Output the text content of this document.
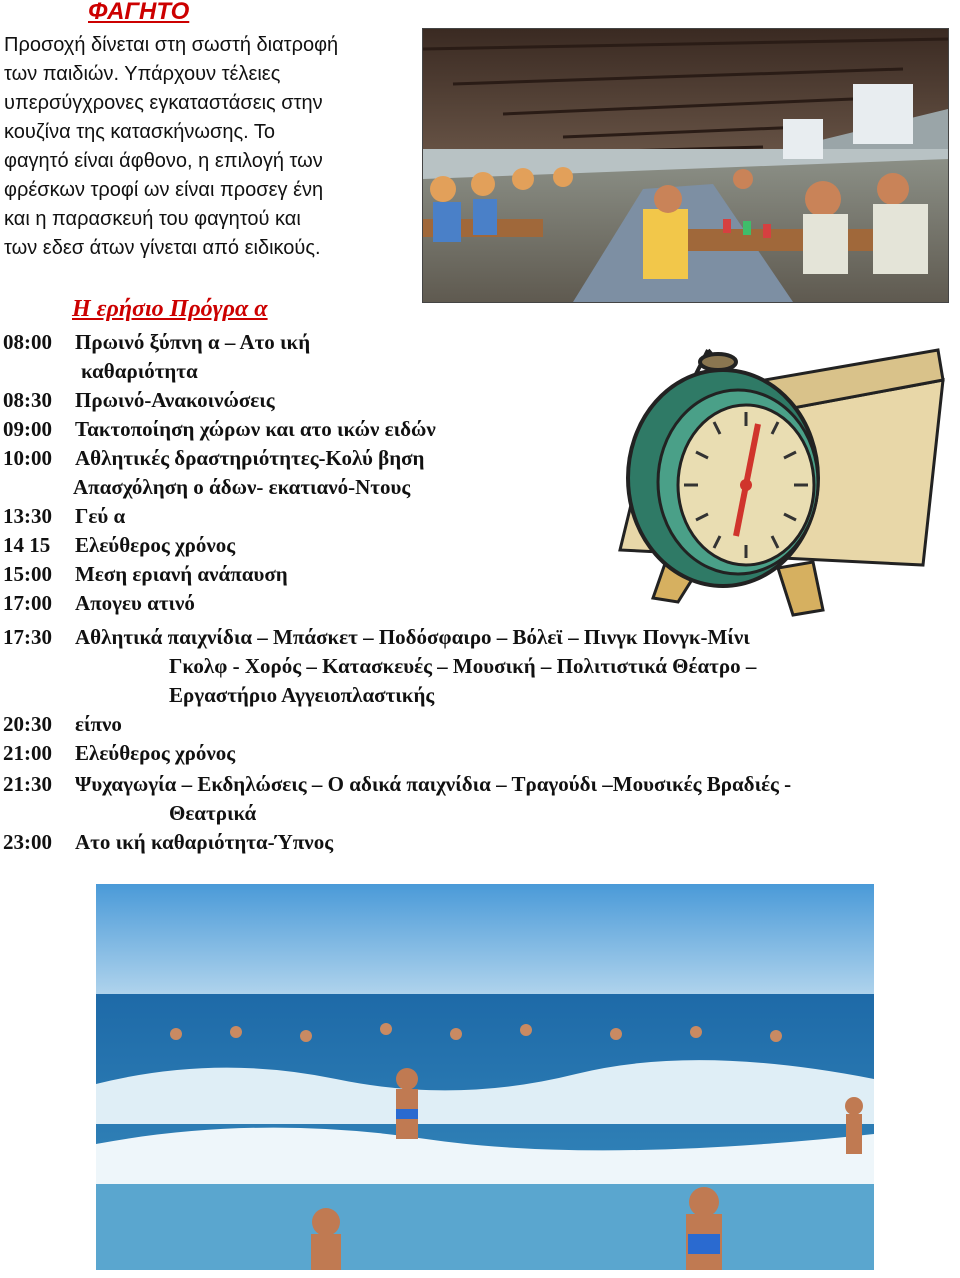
ΦΑΓΗΤΟ
Προσοχή δίνεται στη σωστή διατροφή
των παιδιών. Υπάρχουν τέλειες
υπερσύγχρονες εγκαταστάσεις στην
κουζίνα της κατασκήνωσης. Το
φαγητό είναι άφθονο, η επιλογή των
φρέσκων τροφί ων είναι προσεγ ένη
και η παρασκευή του φαγητού και
των εδεσ άτων γίνεται από ειδικούς.
Η ερήσιο Πρόγρα α
08:00 Πρωινό ξύπνη α – Ατο ική
καθαριότητα
08:30 Πρωινό-Ανακοινώσεις
09:00 Τακτοποίηση χώρων και ατο ικών ειδών
10:00 Αθλητικές δραστηριότητες-Κολύ βηση
Απασχόληση ο άδων- εκατιανό-Ντους
13:30 Γεύ α
14 15 Ελεύθερος χρόνος
15:00 Μεση εριανή ανάπαυση
17:00 Απογευ ατινό
17:30 Αθλητικά παιχνίδια – Μπάσκετ – Ποδόσφαιρο – Βόλεϊ – Πινγκ Πονγκ-Μίνι
Γκολφ - Χορός – Κατασκευές – Μουσική – Πολιτιστικά Θέατρο –
Εργαστήριο Αγγειοπλαστικής
20:30 είπνο
21:00 Ελεύθερος χρόνος
21:30 Ψυχαγωγία – Εκδηλώσεις – Ο αδικά παιχνίδια – Τραγούδι –Μουσικές Βραδιές -
Θεατρικά
23:00 Ατο ική καθαριότητα-Ύπνος
